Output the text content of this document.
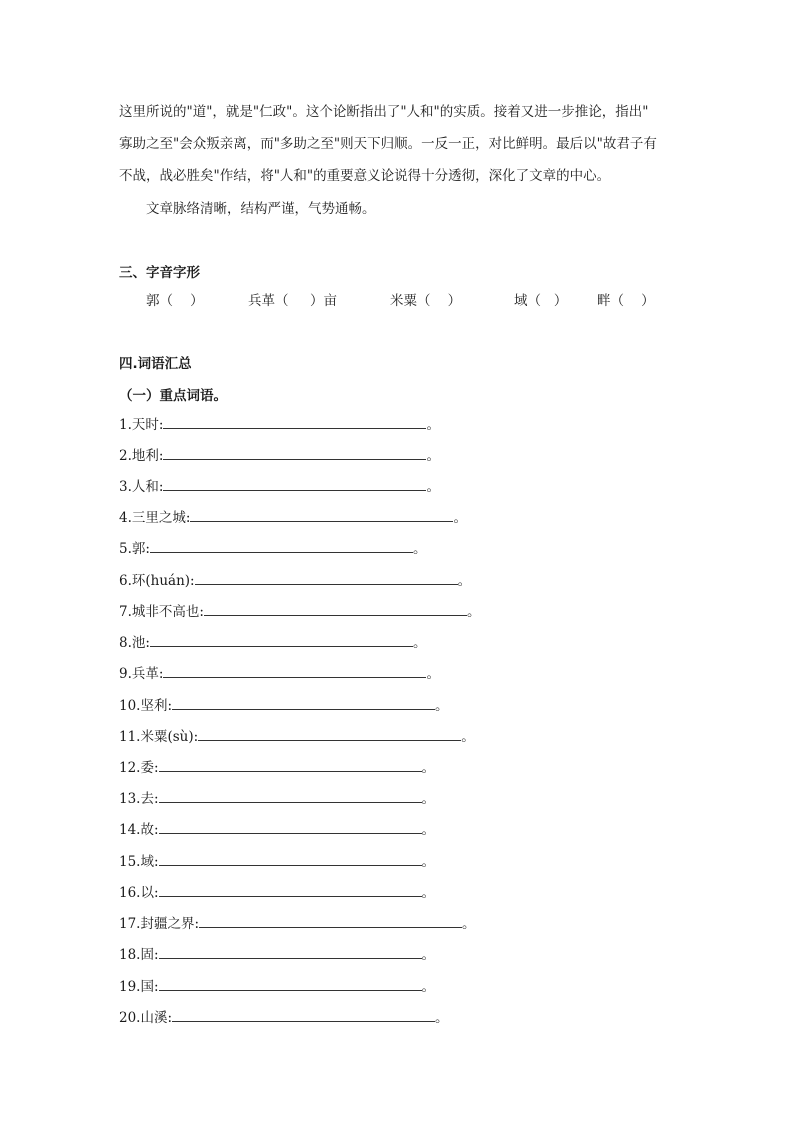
这里所说的"道"，就是"仁政"。这个论断指出了"人和"的实质。接着又进一步推论，指出"
寡助之至"会众叛亲离，而"多助之至"则天下归顺。一反一正，对比鲜明。最后以"故君子有
不战，战必胜矣"作结，将"人和"的重要意义论说得十分透彻，深化了文章的中心。
文章脉络清晰，结构严谨，气势通畅。
三、字音字形
郭（    ）	兵革（     ）亩	米粟（    ）	域（   ） 畔（    ）
四.词语汇总
（一）重点词语。
1.天时:	。
2.地利:	。
3.人和:	。
4.三里之城:	。
5.郭:	。
6.环(huán):	。
7.城非不高也:	。
8.池:	。
9.兵革:	。
10.坚利:	。
11.米粟(sù):	。
12.委:	。
13.去:	。
14.故:	。
15.域:	。
16.以:	。
17.封疆之界:	。
18.固:	。
19.国:	。
20.山溪:	。
